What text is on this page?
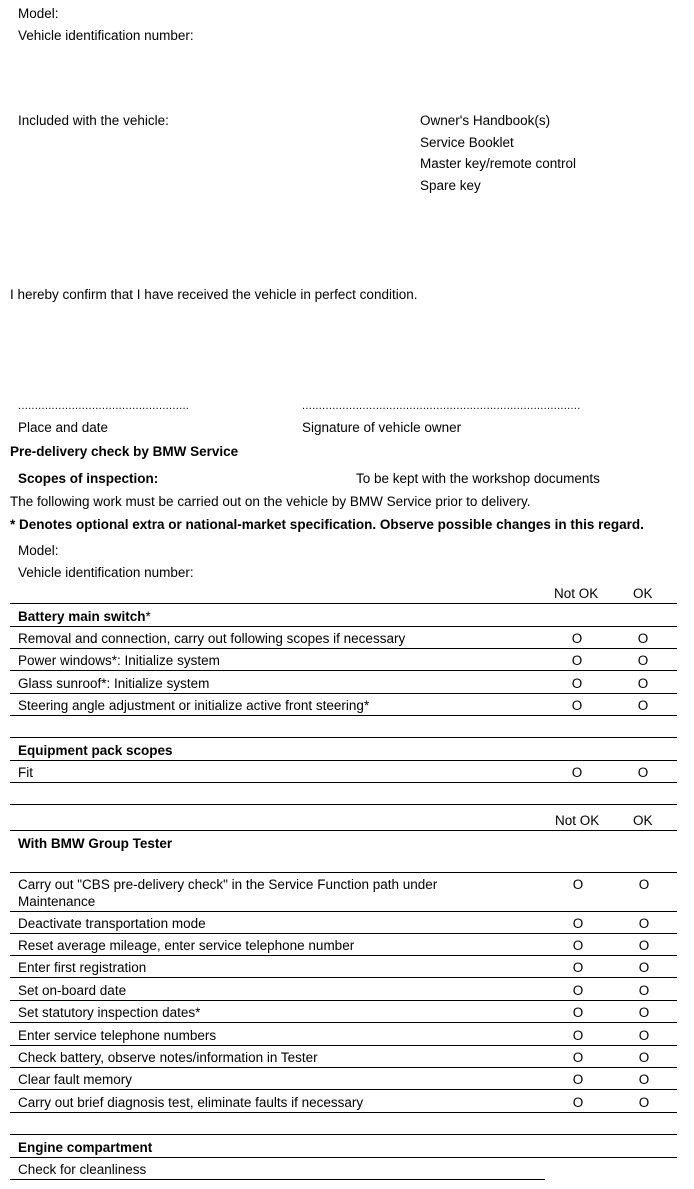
Model:
Vehicle identification number:
Included with the vehicle:	Owner's Handbook(s)
Service Booklet
Master key/remote control
Spare key
I hereby confirm that I have received the vehicle in perfect condition.
...................................................	...................................................................................
Place and date	Signature of vehicle owner
Pre-delivery check by BMW Service
Scopes of inspection:	To be kept with the workshop documents
The following work must be carried out on the vehicle by BMW Service prior to delivery.
* Denotes optional extra or national-market specification. Observe possible changes in this regard.
Model:
Vehicle identification number:
Not OK	OK
Battery main switch*
Removal and connection, carry out following scopes if necessary	O	O
Power windows*: Initialize system	O	O
Glass sunroof*: Initialize system	O	O
Steering angle adjustment or initialize active front steering*	O	O
Equipment pack scopes
Fit	O	O
Not OK OK
With BMW Group Tester
Carry out "CBS pre-delivery check" in the Service Function path under
Maintenance
O	O
Deactivate transportation mode	O	O
Reset average mileage, enter service telephone number	O	O
Enter first registration	O	O
Set on-board date	O	O
Set statutory inspection dates*	O	O
Enter service telephone numbers	O	O
Check battery, observe notes/information in Tester	O	O
Clear fault memory	O	O
Carry out brief diagnosis test, eliminate faults if necessary	O	O
Engine compartment
Check for cleanliness
